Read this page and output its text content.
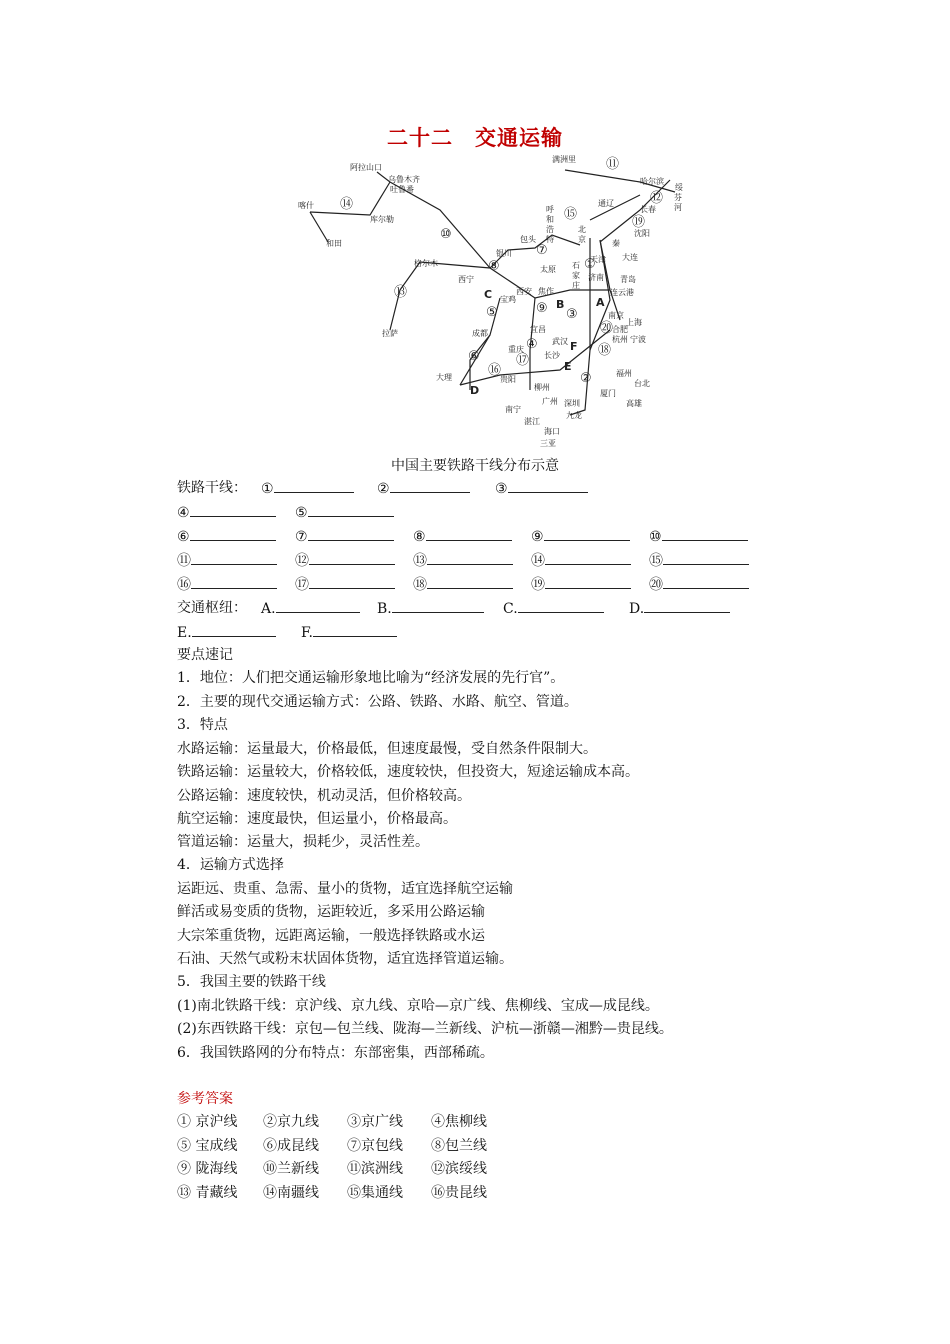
二十二　交通运输
阿拉山口
乌鲁木齐
吐鲁番
喀什
库尔勒
和田
格尔木
西宁
拉萨
满洲里
哈尔滨
绥
芬
河
长春
通辽
沈阳
大连
呼
和
浩
特
包头
银川
北
京	秦
天津
太原 石
家
庄
济南 青岛
连云港
西安
宝鸡
焦作
南京
上海
合肥
杭州 宁波
成都	宜昌
武汉
重庆
长沙
大理	贵阳
柳州
南宁
湛江
广州 深圳
九龙
海口
三亚
福州
厦门
台北
高雄
①
②
③
④
⑤
⑥
⑦
⑧
⑨
⑩
⑪
⑫
⑬
⑭
⑮
⑯
⑰
⑱
⑲
⑳
A
B
C
D
E
F
中国主要铁路干线分布示意
铁路干线： ①	②	③
④	⑤
⑥	⑦	⑧	⑨	⑩
⑪	⑫	⑬	⑭	⑮
⑯	⑰	⑱	⑲	⑳
交通枢纽： A.	B.	C.	D.
E.	F.
要点速记
1．地位：人们把交通运输形象地比喻为“经济发展的先行官”。
2．主要的现代交通运输方式：公路、铁路、水路、航空、管道。
3．特点
水路运输：运量最大，价格最低，但速度最慢，受自然条件限制大。
铁路运输：运量较大，价格较低，速度较快，但投资大，短途运输成本高。
公路运输：速度较快，机动灵活，但价格较高。
航空运输：速度最快，但运量小，价格最高。
管道运输：运量大，损耗少，灵活性差。
4．运输方式选择
运距远、贵重、急需、量小的货物，适宜选择航空运输
鲜活或易变质的货物，运距较近，多采用公路运输
大宗笨重货物，远距离运输，一般选择铁路或水运
石油、天然气或粉末状固体货物，适宜选择管道运输。
5．我国主要的铁路干线
(1)南北铁路干线：京沪线、京九线、京哈—京广线、焦柳线、宝成—成昆线。
(2)东西铁路干线：京包—包兰线、陇海—兰新线、沪杭—浙赣—湘黔—贵昆线。
6．我国铁路网的分布特点：东部密集，西部稀疏。
参考答案
① 京沪线 ②京九线 ③京广线 ④焦柳线
⑤ 宝成线 ⑥成昆线 ⑦京包线 ⑧包兰线
⑨ 陇海线 ⑩兰新线 ⑪滨洲线 ⑫滨绥线
⑬ 青藏线 ⑭南疆线 ⑮集通线 ⑯贵昆线
